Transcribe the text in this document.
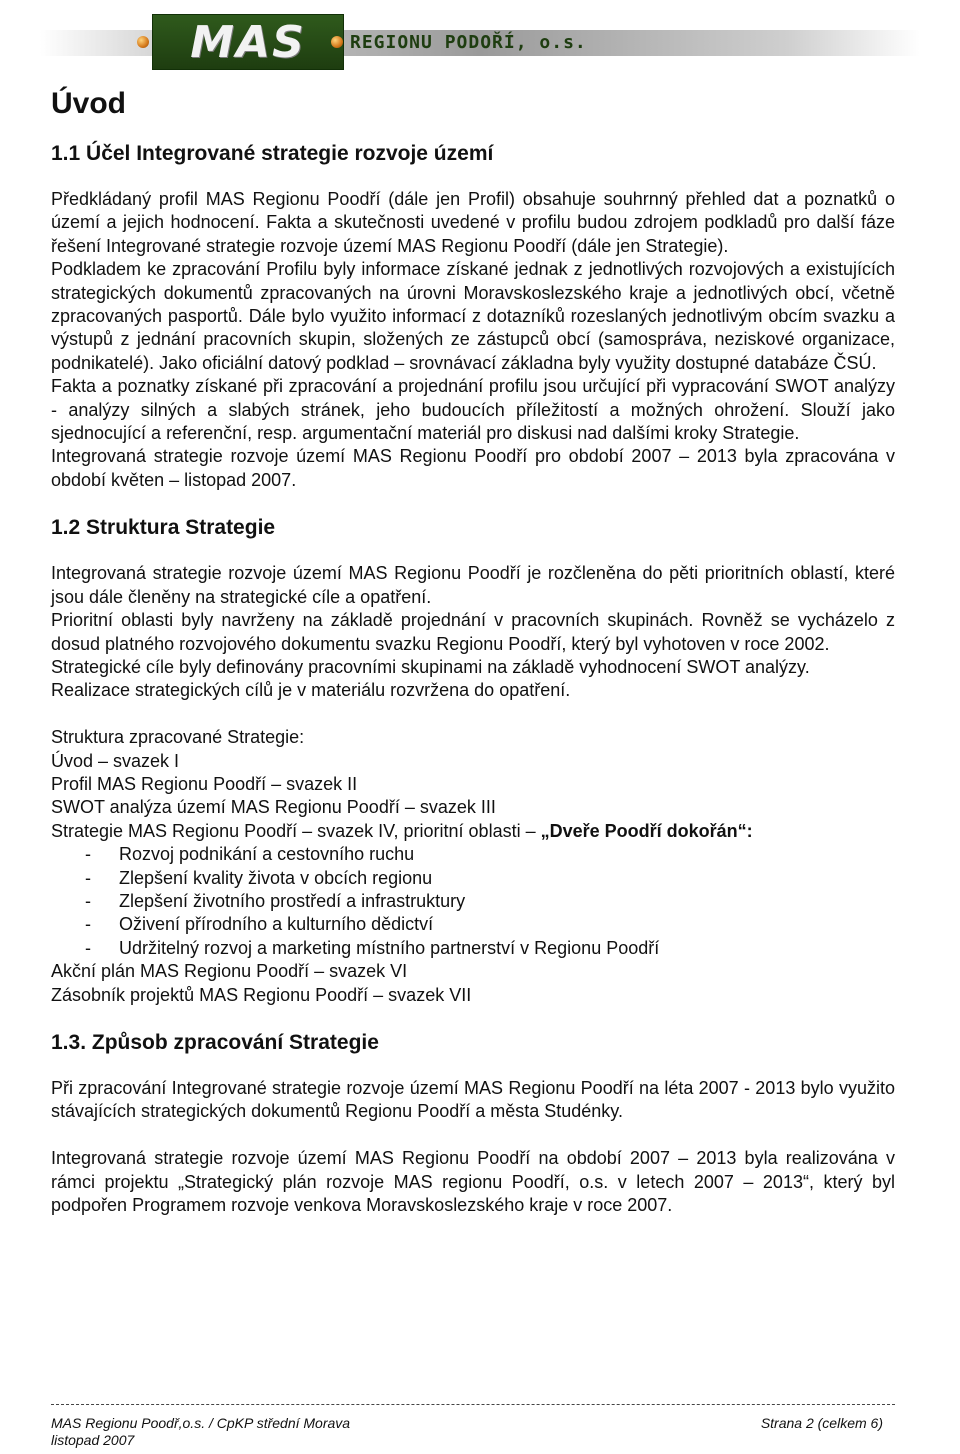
MAS	REGIONU PODOŘÍ, o.s.
Úvod
1.1 Účel Integrované strategie rozvoje území

Předkládaný profil MAS Regionu Poodří (dále jen Profil) obsahuje souhrnný přehled dat a poznatků o území a jejich hodnocení. Fakta a skutečnosti uvedené v profilu budou zdrojem podkladů pro další fáze řešení Integrované strategie rozvoje území MAS Regionu Poodří (dále jen Strategie).

Podkladem ke zpracování Profilu byly informace získané jednak z jednotlivých rozvojových a existujících strategických dokumentů zpracovaných na úrovni Moravskoslezského kraje a jednotlivých obcí, včetně zpracovaných pasportů. Dále bylo využito informací z dotazníků rozeslaných jednotlivým obcím svazku a výstupů z jednání pracovních skupin, složených ze zástupců obcí (samospráva, neziskové organizace, podnikatelé). Jako oficiální datový podklad – srovnávací základna byly využity dostupné databáze ČSÚ.

Fakta a poznatky získané při zpracování a projednání profilu jsou určující při vypracování SWOT analýzy - analýzy silných a slabých stránek, jeho budoucích příležitostí a možných ohrožení. Slouží jako sjednocující a referenční, resp. argumentační materiál pro diskusi nad dalšími kroky Strategie.

Integrovaná strategie rozvoje území MAS Regionu Poodří pro období 2007 – 2013 byla zpracována v období květen – listopad 2007.

1.2 Struktura Strategie

Integrovaná strategie rozvoje území MAS Regionu Poodří je rozčleněna do pěti prioritních oblastí, které jsou dále členěny na strategické cíle a opatření.

Prioritní oblasti byly navrženy na základě projednání v pracovních skupinách. Rovněž se vycházelo z dosud platného rozvojového dokumentu svazku Regionu Poodří, který byl vyhotoven v roce 2002.

Strategické cíle byly definovány pracovními skupinami na základě vyhodnocení SWOT analýzy.

Realizace strategických cílů je v materiálu rozvržena do opatření.

Struktura zpracované Strategie:
Úvod – svazek I
Profil MAS Regionu Poodří – svazek II
SWOT analýza území MAS Regionu Poodří – svazek III
Strategie MAS Regionu Poodří – svazek IV, prioritní oblasti – „Dveře Poodří dokořán“:
- Rozvoj podnikání a cestovního ruchu
- Zlepšení kvality života v obcích regionu
- Zlepšení životního prostředí a infrastruktury
- Oživení přírodního a kulturního dědictví
- Udržitelný rozvoj a marketing místního partnerství v Regionu Poodří
Akční plán MAS Regionu Poodří – svazek VI
Zásobník projektů MAS Regionu Poodří – svazek VII
1.3. Způsob zpracování Strategie

Při zpracování Integrované strategie rozvoje území MAS Regionu Poodří na léta 2007 - 2013 bylo využito stávajících strategických dokumentů Regionu Poodří a města Studénky.

Integrovaná strategie rozvoje území MAS Regionu Poodří na období 2007 – 2013 byla realizována v rámci projektu „Strategický plán rozvoje MAS regionu Poodří, o.s. v letech 2007 – 2013“, který byl podpořen Programem rozvoje venkova Moravskoslezského kraje v roce 2007.

MAS Regionu Poodř,o.s. / CpKP střední Morava	Strana 2 (celkem 6)
listopad 2007
